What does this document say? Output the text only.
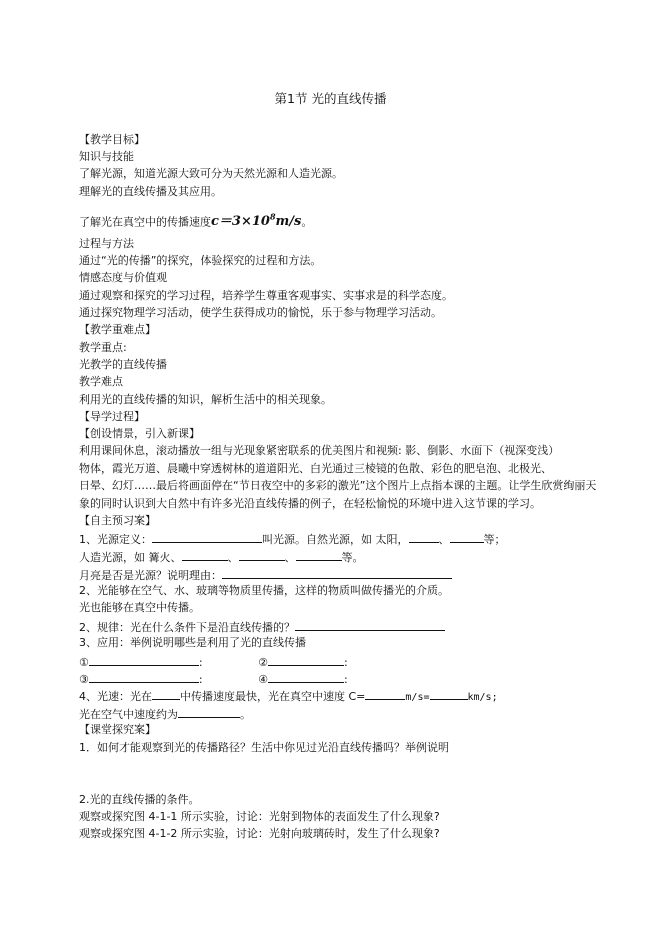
第1节 光的直线传播
【教学目标】
知识与技能
了解光源，知道光源大致可分为天然光源和人造光源。
理解光的直线传播及其应用。
了解光在真空中的传播速度$c=3\times 10^8m/s$。
过程与方法
通过“光的传播”的探究，体验探究的过程和方法。
情感态度与价值观
通过观察和探究的学习过程，培养学生尊重客观事实、实事求是的科学态度。
通过探究物理学习活动，使学生获得成功的愉悦，乐于参与物理学习活动。
【教学重难点】
教学重点:
光教学的直线传播
教学难点
利用光的直线传播的知识，解析生活中的相关现象。
【导学过程】
【创设情景，引入新课】
利用课间休息，滚动播放一组与光现象紧密联系的优美图片和视频: 影、倒影、水面下（视深变浅）
物体，霞光万道、晨曦中穿透树林的道道阳光、白光通过三棱镜的色散、彩色的肥皂泡、北极光、
日晕、幻灯……最后将画面停在“节日夜空中的多彩的激光”这个图片上点指本课的主题。让学生欣赏绚丽天
象的同时认识到大自然中有许多光沿直线传播的例子，在轻松愉悦的环境中进入这节课的学习。
【自主预习案】
1、光源定义：	叫光源。自然光源，如 太阳，	、	等；
人造光源，如 篝火、	、	、	等。
月亮是否是光源？说明理由：
2、光能够在空气、水、玻璃等物质里传播，这样的物质叫做传播光的介质。
光也能够在真空中传播。
2、规律：光在什么条件下是沿直线传播的？
3、应用：举例说明哪些是利用了光的直线传播
①	:	②	:
③	:	④	:
4、光速：光在	中传播速度最快，光在真空中速度 C=	m/s=	km/s;
光在空气中速度约为	。
【课堂探究案】
1．如何才能观察到光的传播路径？生活中你见过光沿直线传播吗？举例说明
2.光的直线传播的条件。
观察或探究图 4-1-1 所示实验，讨论：光射到物体的表面发生了什么现象?
观察或探究图 4-1-2 所示实验，讨论：光射向玻璃砖时，发生了什么现象?
